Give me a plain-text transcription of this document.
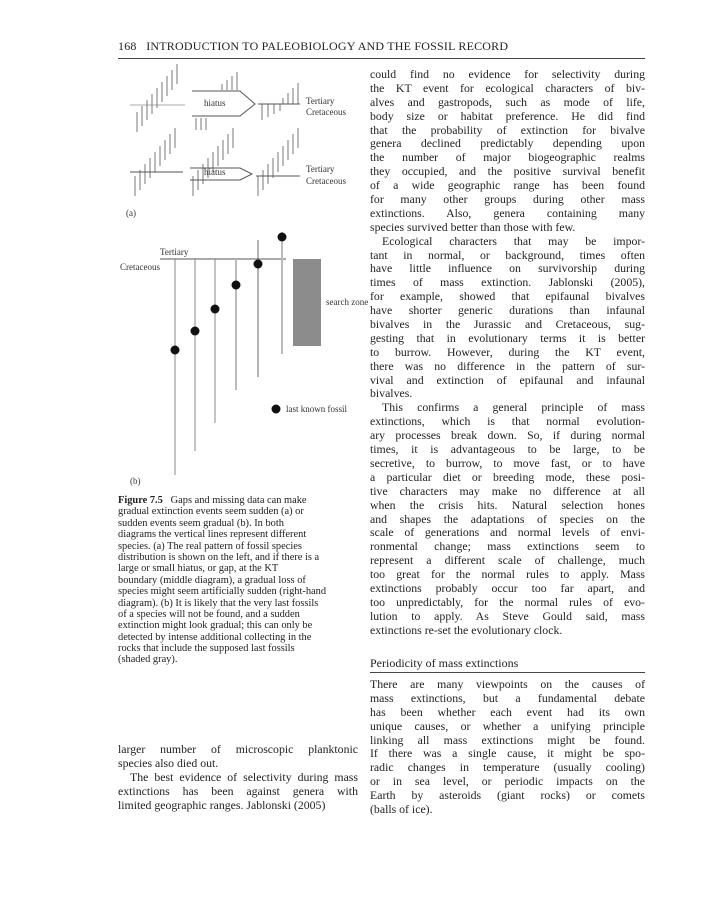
168 INTRODUCTION TO PALEOBIOLOGY AND THE FOSSIL RECORD
hiatus	Tertiary
Cretaceous
hiatus	Tertiary
Cretaceous
(a)
Tertiary
Cretaceous
search zone
last known fossil
(b)
Figure 7.5 Gaps and missing data can make
gradual extinction events seem sudden (a) or
sudden events seem gradual (b). In both
diagrams the vertical lines represent different
species. (a) The real pattern of fossil species
distribution is shown on the left, and if there is a
large or small hiatus, or gap, at the KT
boundary (middle diagram), a gradual loss of
species might seem artificially sudden (right-hand
diagram). (b) It is likely that the very last fossils
of a species will not be found, and a sudden
extinction might look gradual; this can only be
detected by intense additional collecting in the
rocks that include the supposed last fossils
(shaded gray).
larger number of microscopic planktonic
species also died out.
The best evidence of selectivity during mass
extinctions has been against genera with
limited geographic ranges. Jablonski (2005)
could find no evidence for selectivity during
the KT event for ecological characters of biv-
alves and gastropods, such as mode of life,
body size or habitat preference. He did find
that the probability of extinction for bivalve
genera declined predictably depending upon
the number of major biogeographic realms
they occupied, and the positive survival benefit
of a wide geographic range has been found
for many other groups during other mass
extinctions. Also, genera containing many
species survived better than those with few.
Ecological characters that may be impor-
tant in normal, or background, times often
have little influence on survivorship during
times of mass extinction. Jablonski (2005),
for example, showed that epifaunal bivalves
have shorter generic durations than infaunal
bivalves in the Jurassic and Cretaceous, sug-
gesting that in evolutionary terms it is better
to burrow. However, during the KT event,
there was no difference in the pattern of sur-
vival and extinction of epifaunal and infaunal
bivalves.
This confirms a general principle of mass
extinctions, which is that normal evolution-
ary processes break down. So, if during normal
times, it is advantageous to be large, to be
secretive, to burrow, to move fast, or to have
a particular diet or breeding mode, these posi-
tive characters may make no difference at all
when the crisis hits. Natural selection hones
and shapes the adaptations of species on the
scale of generations and normal levels of envi-
ronmental change; mass extinctions seem to
represent a different scale of challenge, much
too great for the normal rules to apply. Mass
extinctions probably occur too far apart, and
too unpredictably, for the normal rules of evo-
lution to apply. As Steve Gould said, mass
extinctions re-set the evolutionary clock.
Periodicity of mass extinctions
There are many viewpoints on the causes of
mass extinctions, but a fundamental debate
has been whether each event had its own
unique causes, or whether a unifying principle
linking all mass extinctions might be found.
If there was a single cause, it might be spo-
radic changes in temperature (usually cooling)
or in sea level, or periodic impacts on the
Earth by asteroids (giant rocks) or comets
(balls of ice).
